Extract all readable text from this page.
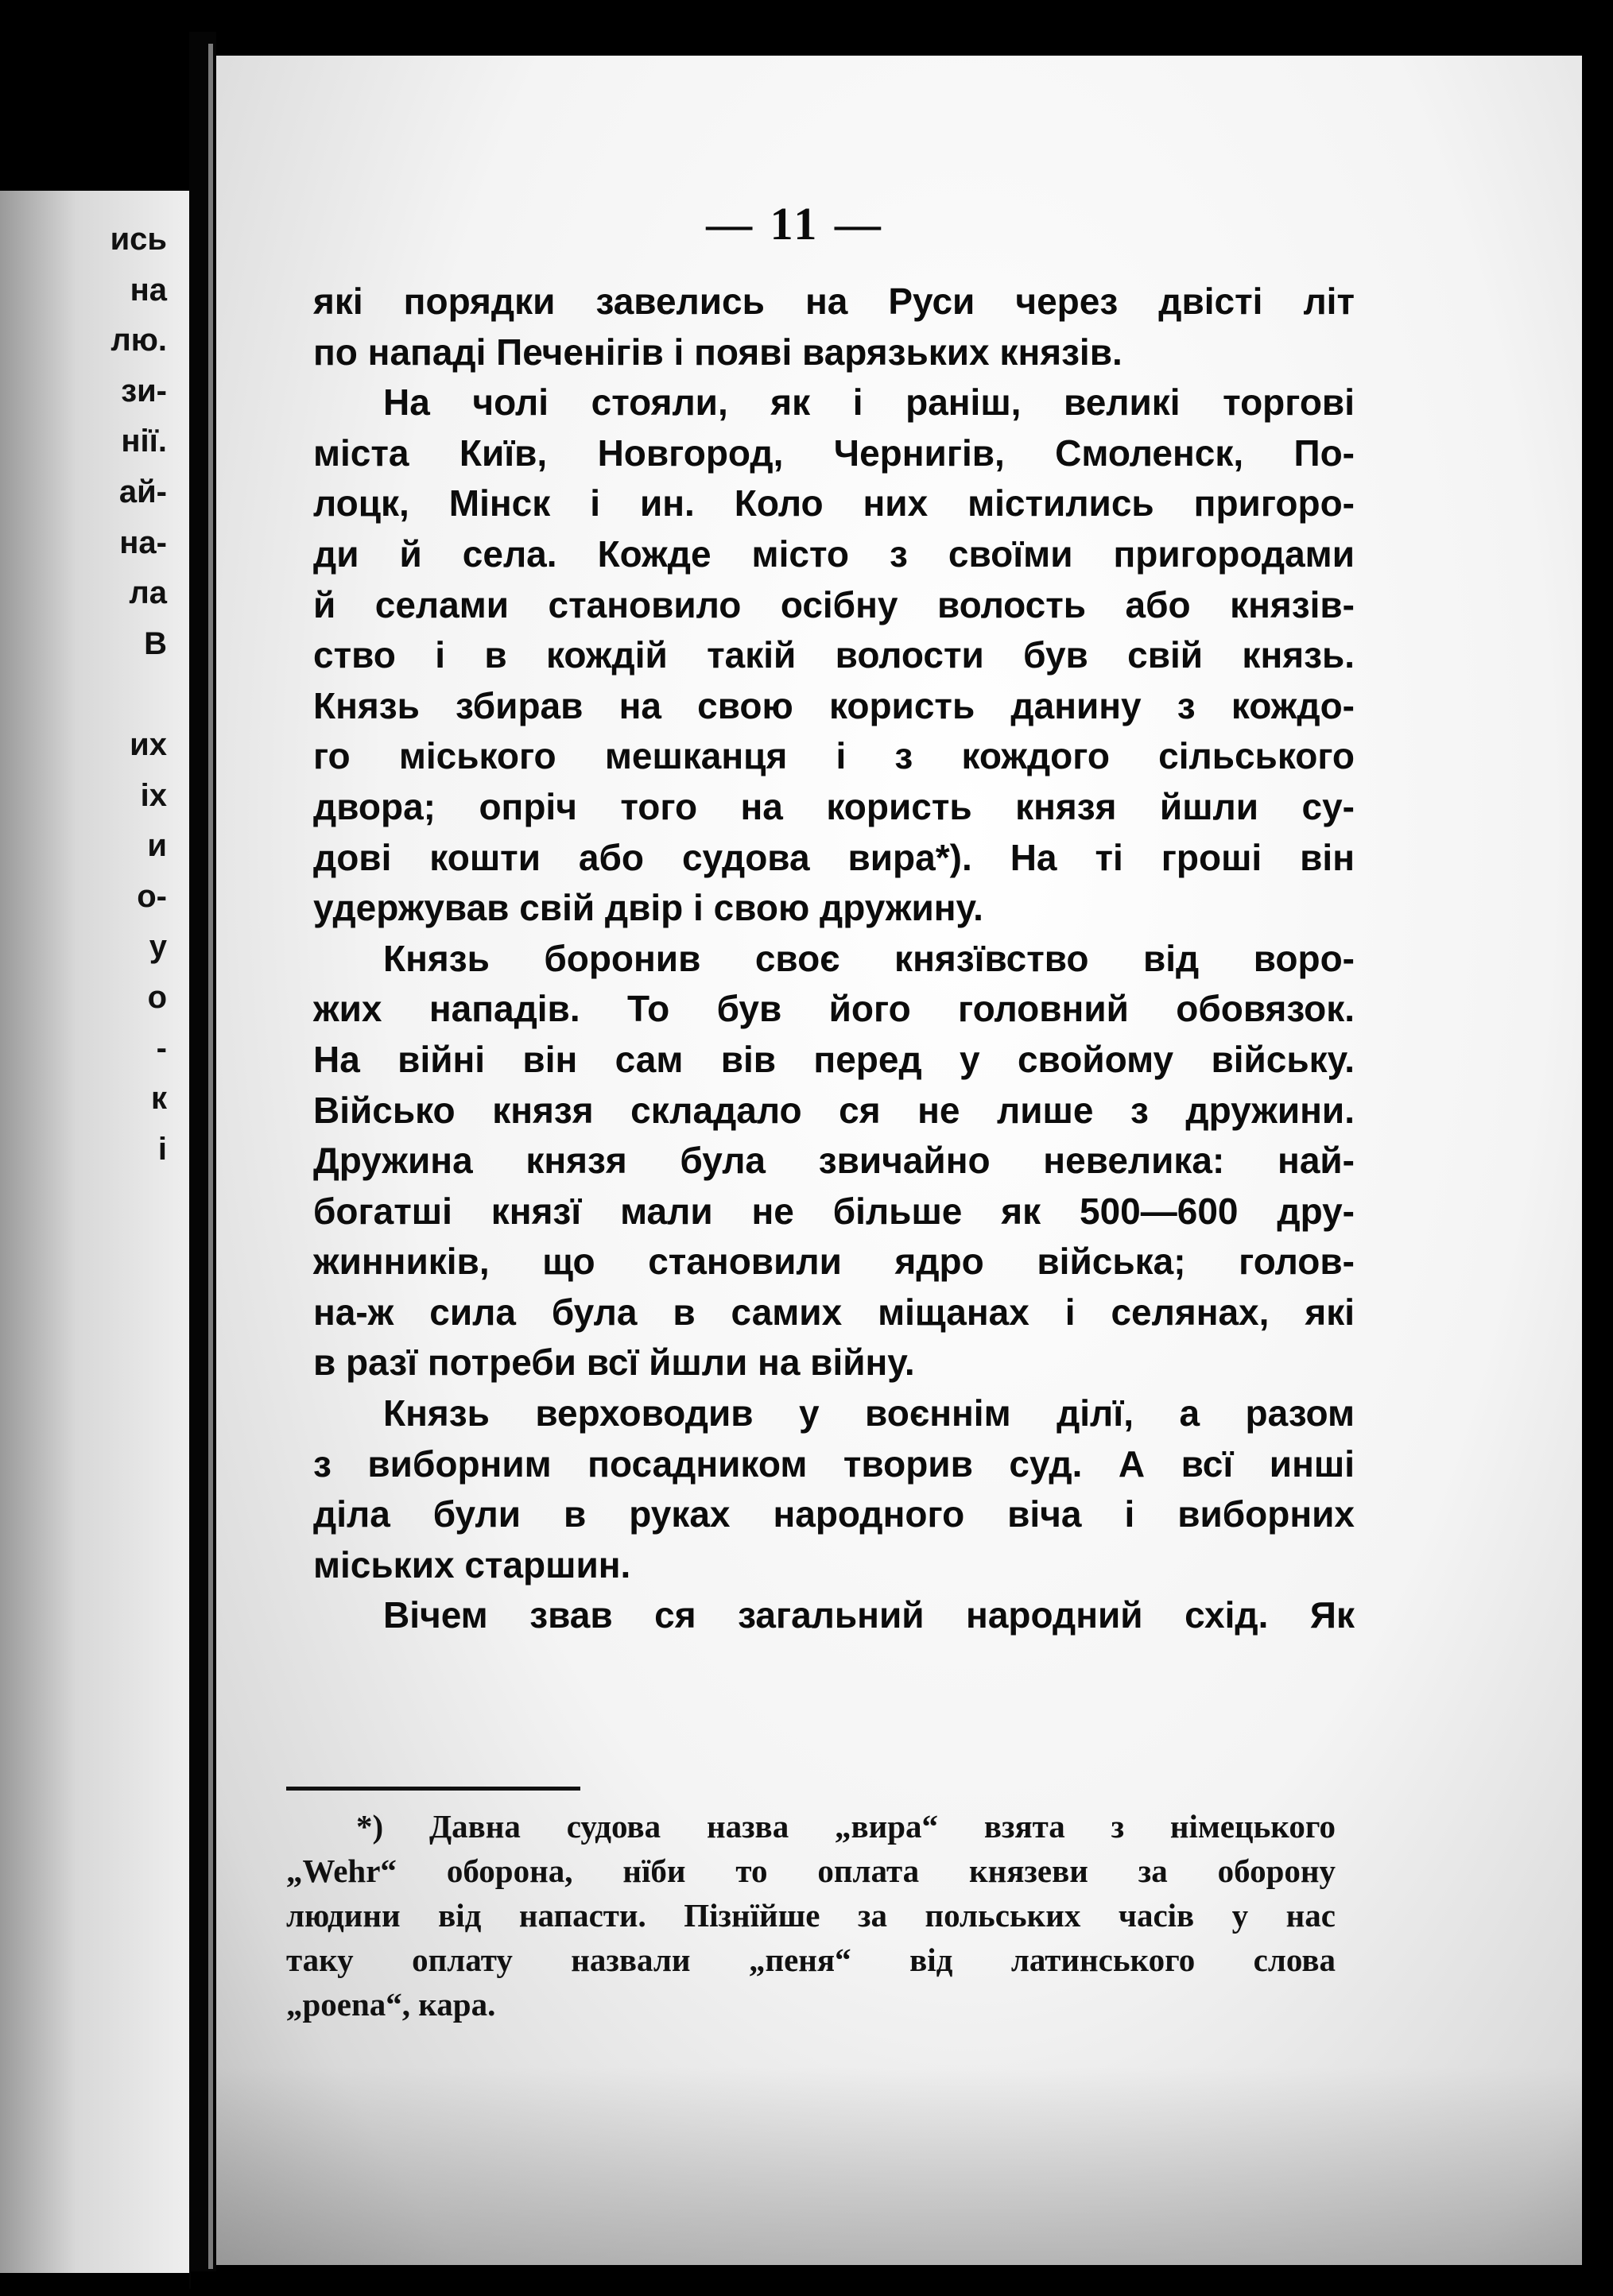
ись
на
лю.
зи-
нії.
ай-
на-
ла
В
их
іх
и
о-
у
о
-
к
і
— 11 —
які порядки завелись на Руси через двісті літ
по нападі Печенігів і появі варязьких князів.
На чолі стояли, як і раніш, великі торгові
міста Київ, Новгород, Чернигів, Смоленск, По-
лоцк, Мінск і ин. Коло них містились пригоро-
ди й села. Кожде місто з своїми пригородами
й селами становило осібну волость або князів-
ство і в кождій такій волости був свій князь.
Князь збирав на свою користь данину з кождо-
го міського мешканця і з кождого сільського
двора; опріч того на користь князя йшли су-
дові кошти або судова вира*). На ті гроші він
удержував свій двір і свою дружину.
Князь боронив своє князївство від воро-
жих нападів. То був його головний обовязок.
На війні він сам вів перед у свойому війську.
Військо князя складало ся не лише з дружини.
Дружина князя була звичайно невелика: най-
богатші князї мали не більше як 500—600 дру-
жинників, що становили ядро війська; голов-
на-ж сила була в самих міщанах і селянах, які
в разї потреби всї йшли на війну.
Князь верховодив у воєннім ділї, а разом
з виборним посадником творив суд. А всї инші
діла були в руках народного віча і виборних
міських старшин.
Вічем звав ся загальний народний схід. Як
*) Давна судова назва „вира“ взята з німецького
„Wehr“ оборона, нїби то оплата князеви за оборону
людини від напасти. Пізнїйше за польських часів у нас
таку оплату назвали „пеня“ від латинського слова
„poena“, кара.
